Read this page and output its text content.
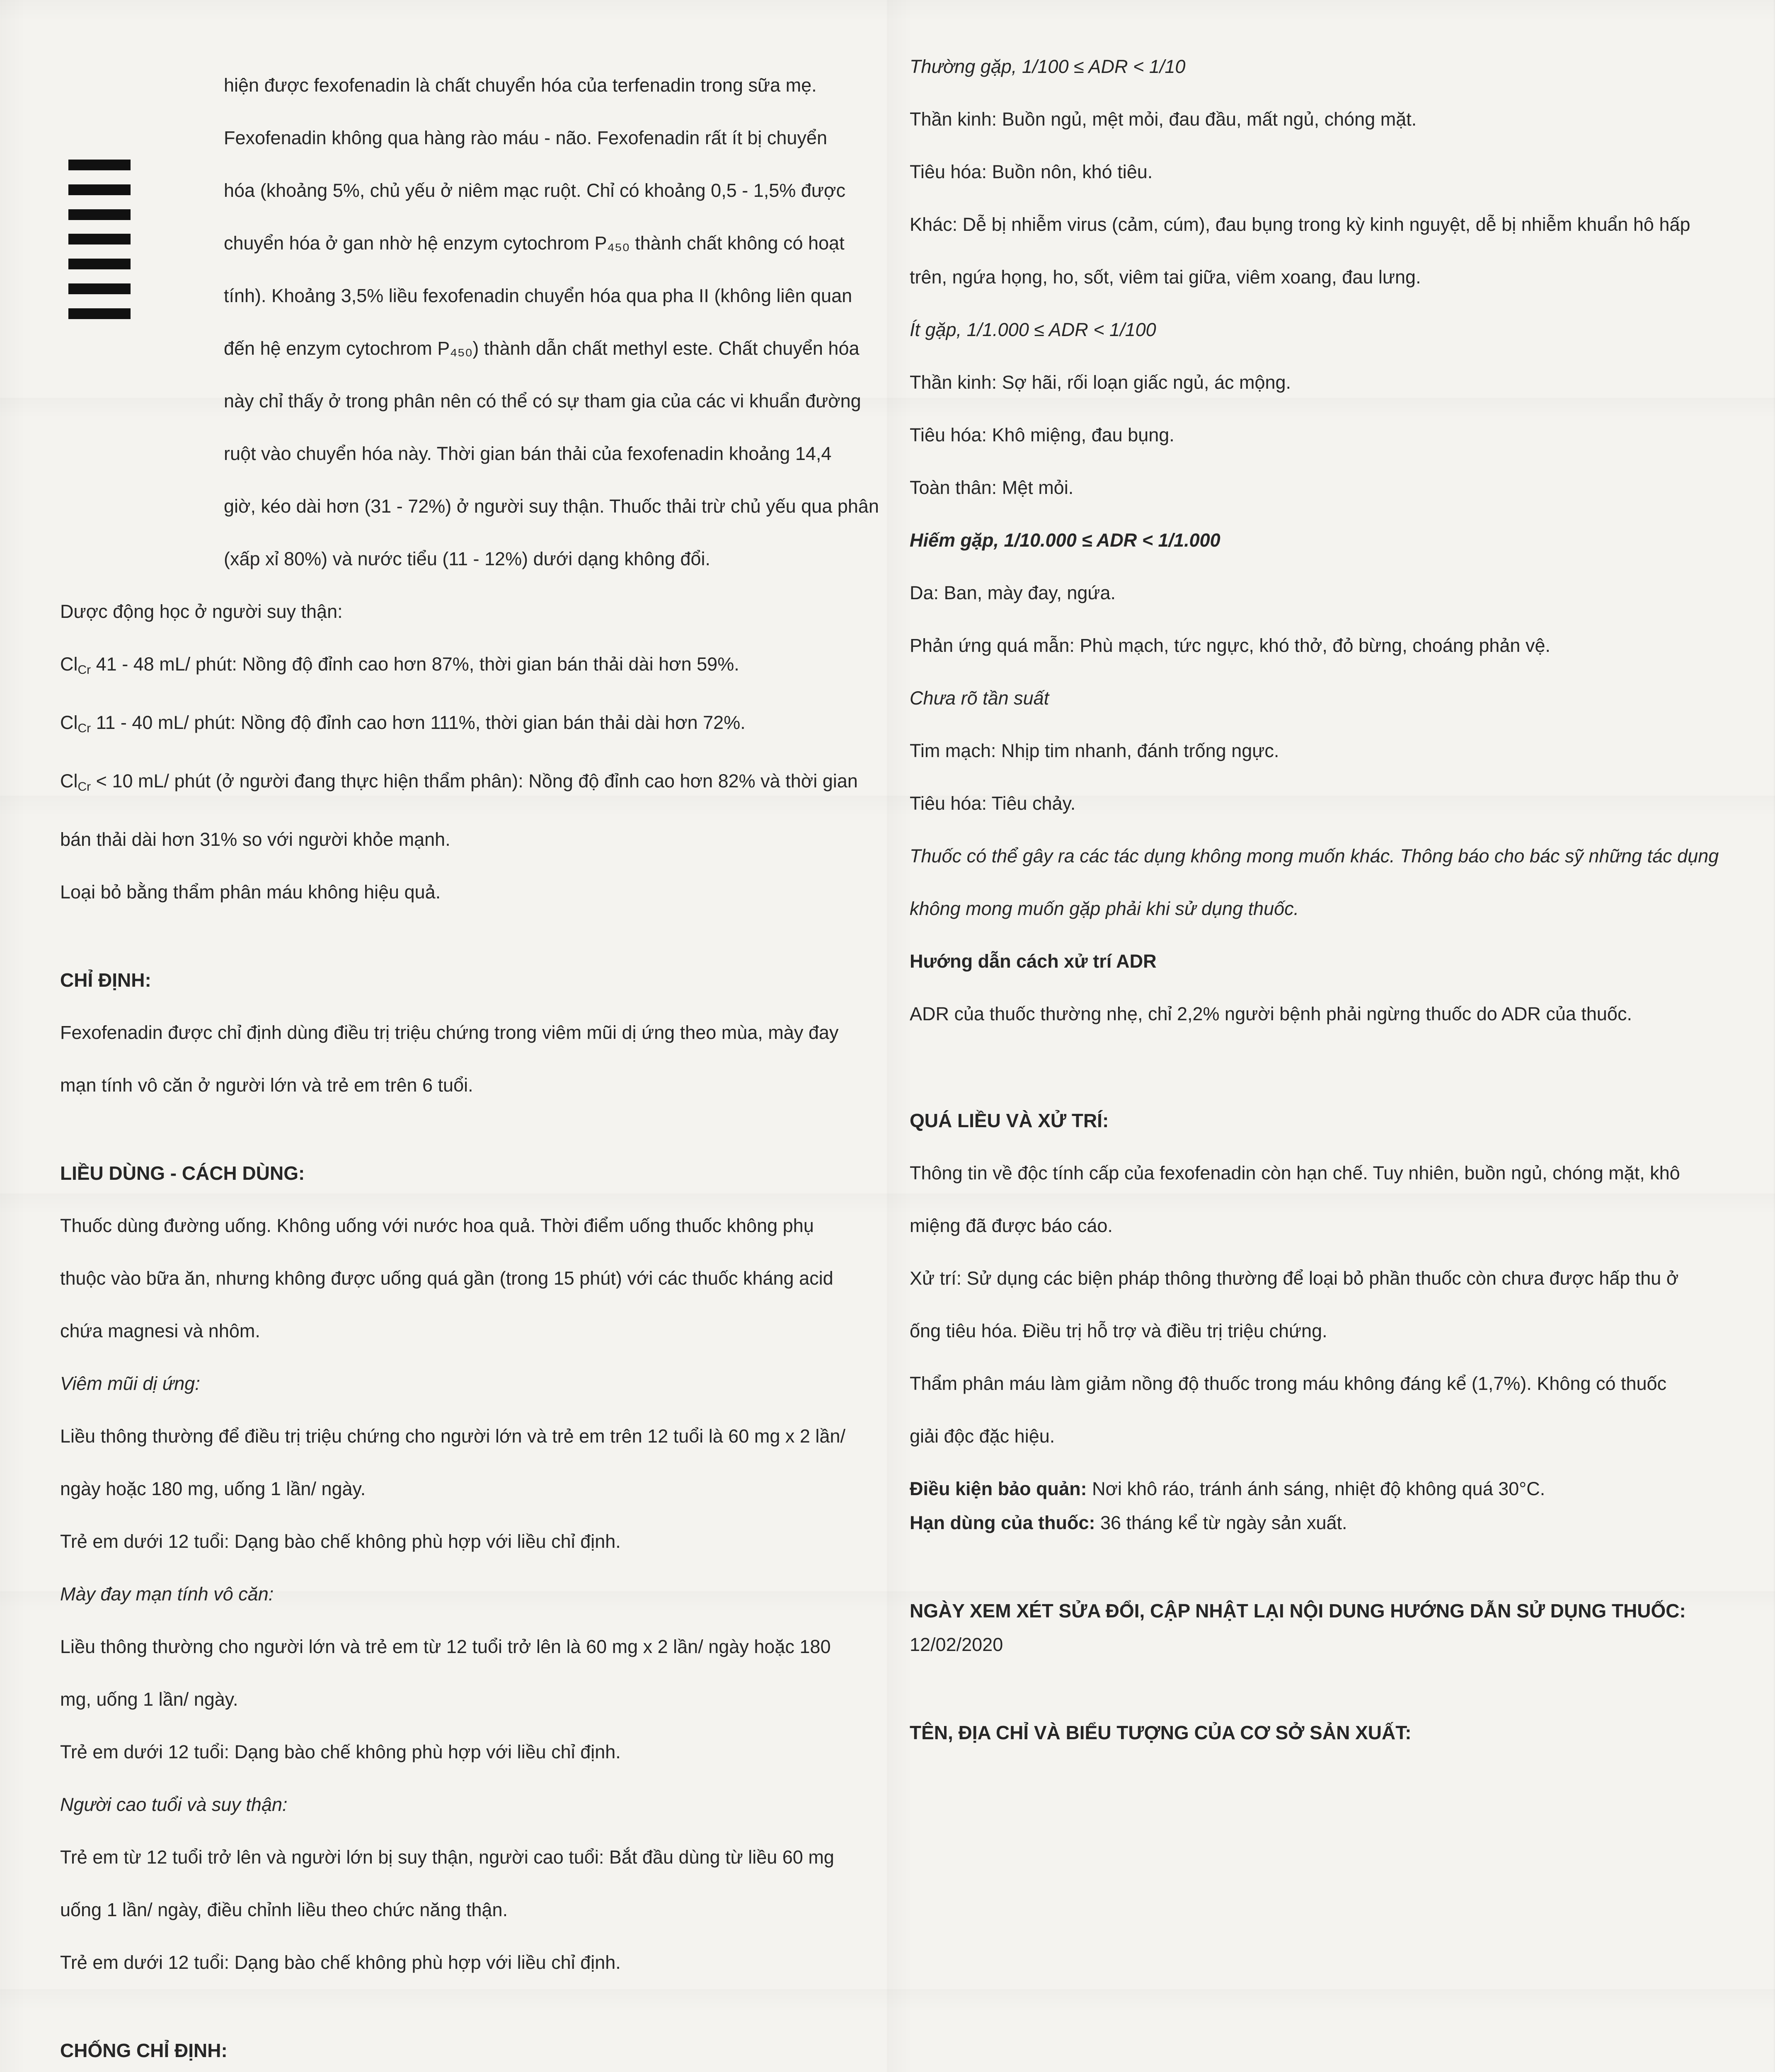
hiện được fexofenadin là chất chuyển hóa của terfenadin trong sữa mẹ.

Fexofenadin không qua hàng rào máu - não. Fexofenadin rất ít bị chuyển

hóa (khoảng 5%, chủ yếu ở niêm mạc ruột. Chỉ có khoảng 0,5 - 1,5% được

chuyển hóa ở gan nhờ hệ enzym cytochrom P₄₅₀ thành chất không có hoạt

tính). Khoảng 3,5% liều fexofenadin chuyển hóa qua pha II (không liên quan

đến hệ enzym cytochrom P₄₅₀) thành dẫn chất methyl este. Chất chuyển hóa

này chỉ thấy ở trong phân nên có thể có sự tham gia của các vi khuẩn đường

ruột vào chuyển hóa này. Thời gian bán thải của fexofenadin khoảng 14,4

giờ, kéo dài hơn (31 - 72%) ở người suy thận. Thuốc thải trừ chủ yếu qua phân

(xấp xỉ 80%) và nước tiểu (11 - 12%) dưới dạng không đổi.

Dược động học ở người suy thận:

$Cl_{Cr}$ 41 - 48 mL/ phút: Nồng độ đỉnh cao hơn 87%, thời gian bán thải dài hơn 59%.

$Cl_{Cr}$ 11 - 40 mL/ phút: Nồng độ đỉnh cao hơn 111%, thời gian bán thải dài hơn 72%.

$Cl_{Cr} < 10$ mL/ phút (ở người đang thực hiện thẩm phân): Nồng độ đỉnh cao hơn 82% và thời gian

bán thải dài hơn 31% so với người khỏe mạnh.

Loại bỏ bằng thẩm phân máu không hiệu quả.

CHỈ ĐỊNH:

Fexofenadin được chỉ định dùng điều trị triệu chứng trong viêm mũi dị ứng theo mùa, mày đay

mạn tính vô căn ở người lớn và trẻ em trên 6 tuổi.

LIỀU DÙNG - CÁCH DÙNG:

Thuốc dùng đường uống. Không uống với nước hoa quả. Thời điểm uống thuốc không phụ

thuộc vào bữa ăn, nhưng không được uống quá gần (trong 15 phút) với các thuốc kháng acid

chứa magnesi và nhôm.

Viêm mũi dị ứng:

Liều thông thường để điều trị triệu chứng cho người lớn và trẻ em trên 12 tuổi là 60 mg x 2 lần/

ngày hoặc 180 mg, uống 1 lần/ ngày.

Trẻ em dưới 12 tuổi: Dạng bào chế không phù hợp với liều chỉ định.

Mày đay mạn tính vô căn:

Liều thông thường cho người lớn và trẻ em từ 12 tuổi trở lên là 60 mg x 2 lần/ ngày hoặc 180

mg, uống 1 lần/ ngày.

Trẻ em dưới 12 tuổi: Dạng bào chế không phù hợp với liều chỉ định.

Người cao tuổi và suy thận:

Trẻ em từ 12 tuổi trở lên và người lớn bị suy thận, người cao tuổi: Bắt đầu dùng từ liều 60 mg

uống 1 lần/ ngày, điều chỉnh liều theo chức năng thận.

Trẻ em dưới 12 tuổi: Dạng bào chế không phù hợp với liều chỉ định.

CHỐNG CHỈ ĐỊNH:

Thường gặp, 1/100 ≤ ADR < 1/10

Thần kinh: Buồn ngủ, mệt mỏi, đau đầu, mất ngủ, chóng mặt.

Tiêu hóa: Buồn nôn, khó tiêu.

Khác: Dễ bị nhiễm virus (cảm, cúm), đau bụng trong kỳ kinh nguyệt, dễ bị nhiễm khuẩn hô hấp

trên, ngứa họng, ho, sốt, viêm tai giữa, viêm xoang, đau lưng.

Ít gặp, 1/1.000 ≤ ADR < 1/100

Thần kinh: Sợ hãi, rối loạn giấc ngủ, ác mộng.

Tiêu hóa: Khô miệng, đau bụng.

Toàn thân: Mệt mỏi.

Hiếm gặp, 1/10.000 ≤ ADR < 1/1.000

Da: Ban, mày đay, ngứa.

Phản ứng quá mẫn: Phù mạch, tức ngực, khó thở, đỏ bừng, choáng phản vệ.

Chưa rõ tần suất

Tim mạch: Nhịp tim nhanh, đánh trống ngực.

Tiêu hóa: Tiêu chảy.

Thuốc có thể gây ra các tác dụng không mong muốn khác. Thông báo cho bác sỹ những tác dụng

không mong muốn gặp phải khi sử dụng thuốc.

Hướng dẫn cách xử trí ADR

ADR của thuốc thường nhẹ, chỉ 2,2% người bệnh phải ngừng thuốc do ADR của thuốc.

QUÁ LIỀU VÀ XỬ TRÍ:

Thông tin về độc tính cấp của fexofenadin còn hạn chế. Tuy nhiên, buồn ngủ, chóng mặt, khô

miệng đã được báo cáo.

Xử trí: Sử dụng các biện pháp thông thường để loại bỏ phần thuốc còn chưa được hấp thu ở

ống tiêu hóa. Điều trị hỗ trợ và điều trị triệu chứng.

Thẩm phân máu làm giảm nồng độ thuốc trong máu không đáng kể (1,7%). Không có thuốc

giải độc đặc hiệu.

Điều kiện bảo quản: Nơi khô ráo, tránh ánh sáng, nhiệt độ không quá 30°C.

Hạn dùng của thuốc: 36 tháng kể từ ngày sản xuất.

NGÀY XEM XÉT SỬA ĐỔI, CẬP NHẬT LẠI NỘI DUNG HƯỚNG DẪN SỬ DỤNG THUỐC:

12/02/2020

TÊN, ĐỊA CHỈ VÀ BIỂU TƯỢNG CỦA CƠ SỞ SẢN XUẤT:
